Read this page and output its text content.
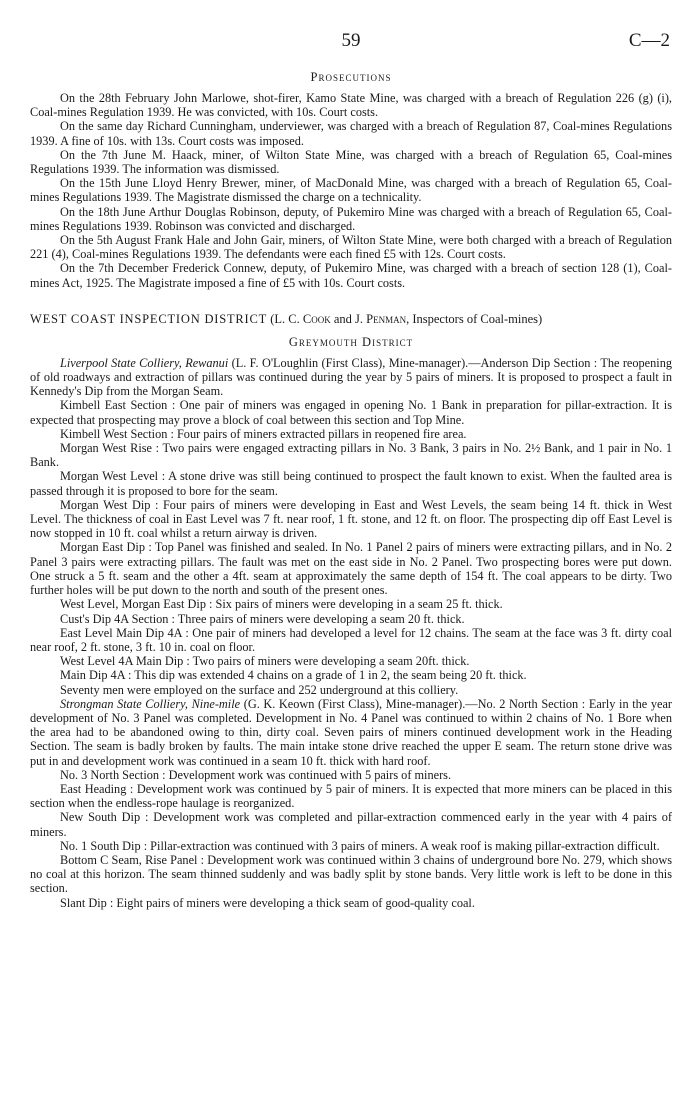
59	C—2
Prosecutions

On the 28th February John Marlowe, shot-firer, Kamo State Mine, was charged with a breach of Regulation 226 (g) (i), Coal-mines Regulation 1939. He was convicted, with 10s. Court costs.

On the same day Richard Cunningham, underviewer, was charged with a breach of Regulation 87, Coal-mines Regulations 1939. A fine of 10s. with 13s. Court costs was imposed.

On the 7th June M. Haack, miner, of Wilton State Mine, was charged with a breach of Regulation 65, Coal-mines Regulations 1939. The information was dismissed.

On the 15th June Lloyd Henry Brewer, miner, of MacDonald Mine, was charged with a breach of Regulation 65, Coal-mines Regulations 1939. The Magistrate dismissed the charge on a technicality.

On the 18th June Arthur Douglas Robinson, deputy, of Pukemiro Mine was charged with a breach of Regulation 65, Coal-mines Regulations 1939. Robinson was convicted and discharged.

On the 5th August Frank Hale and John Gair, miners, of Wilton State Mine, were both charged with a breach of Regulation 221 (4), Coal-mines Regulations 1939. The defendants were each fined £5 with 12s. Court costs.

On the 7th December Frederick Connew, deputy, of Pukemiro Mine, was charged with a breach of section 128 (1), Coal-mines Act, 1925. The Magistrate imposed a fine of £5 with 10s. Court costs.

WEST COAST INSPECTION DISTRICT (L. C. Cook and J. Penman, Inspectors of Coal-mines)
Greymouth District

Liverpool State Colliery, Rewanui (L. F. O'Loughlin (First Class), Mine-manager).—Anderson Dip Section : The reopening of old roadways and extraction of pillars was continued during the year by 5 pairs of miners. It is proposed to prospect a fault in Kennedy's Dip from the Morgan Seam.

Kimbell East Section : One pair of miners was engaged in opening No. 1 Bank in preparation for pillar-extraction. It is expected that prospecting may prove a block of coal between this section and Top Mine.

Kimbell West Section : Four pairs of miners extracted pillars in reopened fire area.

Morgan West Rise : Two pairs were engaged extracting pillars in No. 3 Bank, 3 pairs in No. 2½ Bank, and 1 pair in No. 1 Bank.

Morgan West Level : A stone drive was still being continued to prospect the fault known to exist. When the faulted area is passed through it is proposed to bore for the seam.

Morgan West Dip : Four pairs of miners were developing in East and West Levels, the seam being 14 ft. thick in West Level. The thickness of coal in East Level was 7 ft. near roof, 1 ft. stone, and 12 ft. on floor. The prospecting dip off East Level is now stopped in 10 ft. coal whilst a return airway is driven.

Morgan East Dip : Top Panel was finished and sealed. In No. 1 Panel 2 pairs of miners were extracting pillars, and in No. 2 Panel 3 pairs were extracting pillars. The fault was met on the east side in No. 2 Panel. Two prospecting bores were put down. One struck a 5 ft. seam and the other a 4ft. seam at approximately the same depth of 154 ft. The coal appears to be dirty. Two further holes will be put down to the north and south of the present ones.

West Level, Morgan East Dip : Six pairs of miners were developing in a seam 25 ft. thick.

Cust's Dip 4A Section : Three pairs of miners were developing a seam 20 ft. thick.

East Level Main Dip 4A : One pair of miners had developed a level for 12 chains. The seam at the face was 3 ft. dirty coal near roof, 2 ft. stone, 3 ft. 10 in. coal on floor.

West Level 4A Main Dip : Two pairs of miners were developing a seam 20ft. thick.

Main Dip 4A : This dip was extended 4 chains on a grade of 1 in 2, the seam being 20 ft. thick.

Seventy men were employed on the surface and 252 underground at this colliery.

Strongman State Colliery, Nine-mile (G. K. Keown (First Class), Mine-manager).—No. 2 North Section : Early in the year development of No. 3 Panel was completed. Development in No. 4 Panel was continued to within 2 chains of No. 1 Bore when the area had to be abandoned owing to thin, dirty coal. Seven pairs of miners continued development work in the Heading Section. The seam is badly broken by faults. The main intake stone drive reached the upper E seam. The return stone drive was put in and development work was continued in a seam 10 ft. thick with hard roof.

No. 3 North Section : Development work was continued with 5 pairs of miners.

East Heading : Development work was continued by 5 pair of miners. It is expected that more miners can be placed in this section when the endless-rope haulage is reorganized.

New South Dip : Development work was completed and pillar-extraction commenced early in the year with 4 pairs of miners.

No. 1 South Dip : Pillar-extraction was continued with 3 pairs of miners. A weak roof is making pillar-extraction difficult.

Bottom C Seam, Rise Panel : Development work was continued within 3 chains of underground bore No. 279, which shows no coal at this horizon. The seam thinned suddenly and was badly split by stone bands. Very little work is left to be done in this section.

Slant Dip : Eight pairs of miners were developing a thick seam of good-quality coal.
